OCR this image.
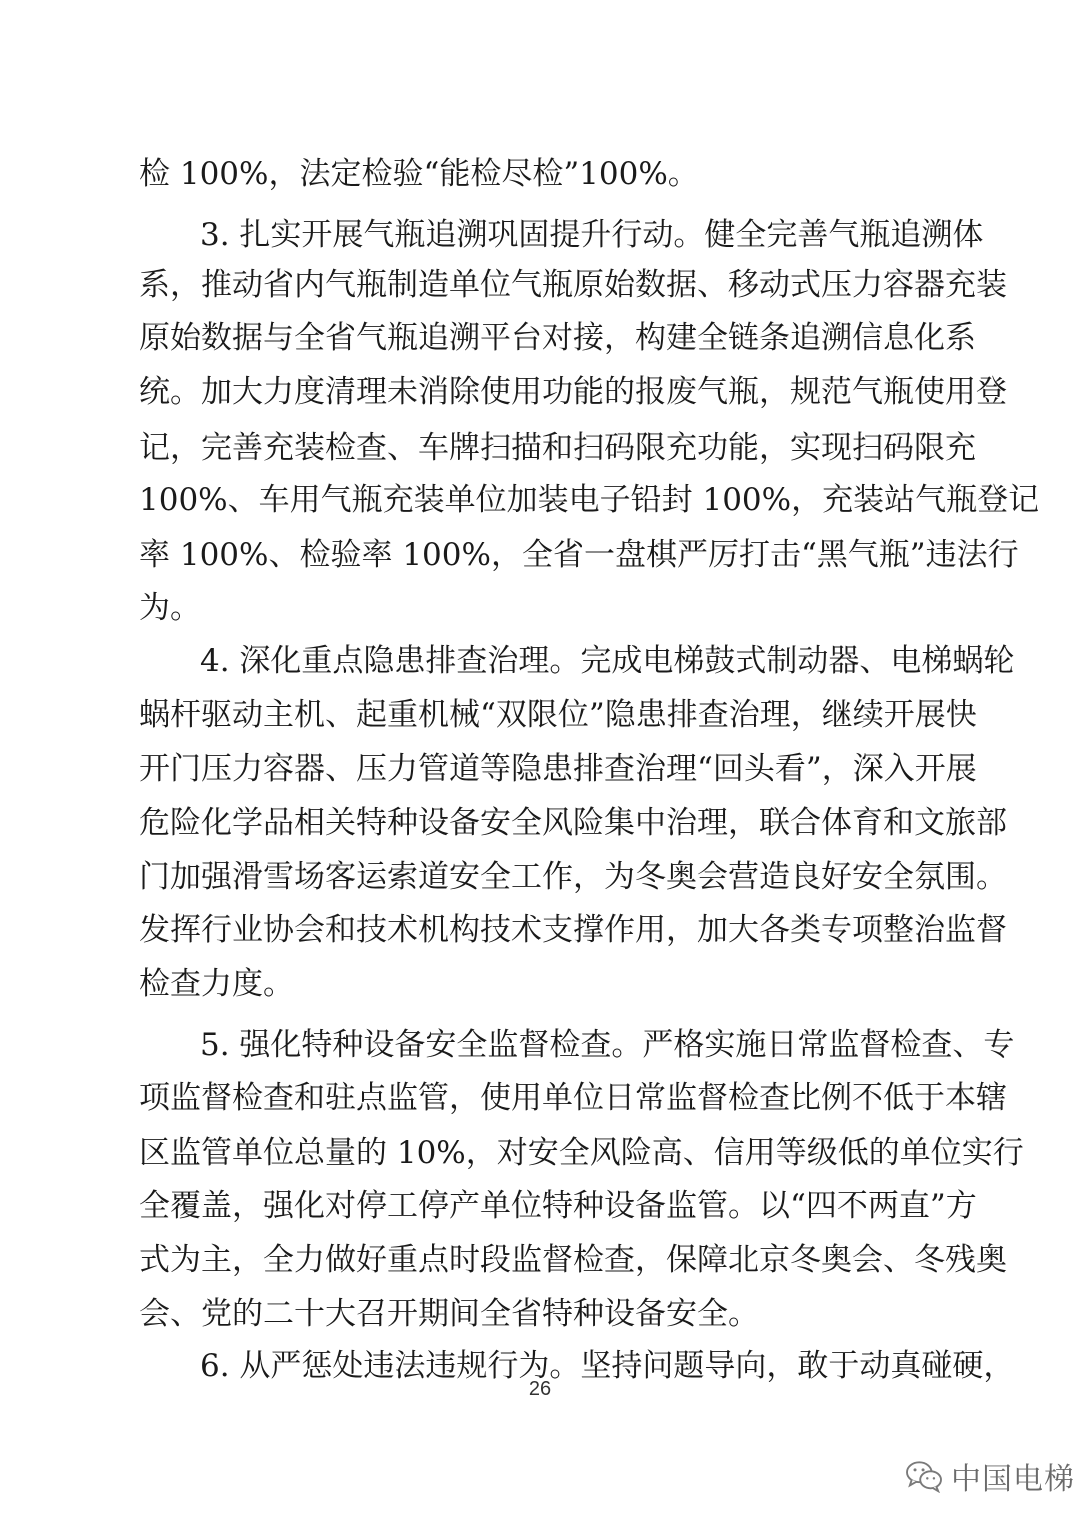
检 100%，法定检验“能检尽检”100%。
3. 扎实开展气瓶追溯巩固提升行动。健全完善气瓶追溯体
系，推动省内气瓶制造单位气瓶原始数据、移动式压力容器充装
原始数据与全省气瓶追溯平台对接，构建全链条追溯信息化系
统。加大力度清理未消除使用功能的报废气瓶，规范气瓶使用登
记，完善充装检查、车牌扫描和扫码限充功能，实现扫码限充
100%、车用气瓶充装单位加装电子铅封 100%，充装站气瓶登记
率 100%、检验率 100%，全省一盘棋严厉打击“黑气瓶”违法行
为。
4. 深化重点隐患排查治理。完成电梯鼓式制动器、电梯蜗轮
蜗杆驱动主机、起重机械“双限位”隐患排查治理，继续开展快
开门压力容器、压力管道等隐患排查治理“回头看”，深入开展
危险化学品相关特种设备安全风险集中治理，联合体育和文旅部
门加强滑雪场客运索道安全工作，为冬奥会营造良好安全氛围。
发挥行业协会和技术机构技术支撑作用，加大各类专项整治监督
检查力度。
5. 强化特种设备安全监督检查。严格实施日常监督检查、专
项监督检查和驻点监管，使用单位日常监督检查比例不低于本辖
区监管单位总量的 10%，对安全风险高、信用等级低的单位实行
全覆盖，强化对停工停产单位特种设备监管。以“四不两直”方
式为主，全力做好重点时段监督检查，保障北京冬奥会、冬残奥
会、党的二十大召开期间全省特种设备安全。
6. 从严惩处违法违规行为。坚持问题导向，敢于动真碰硬，
26
中国电梯
